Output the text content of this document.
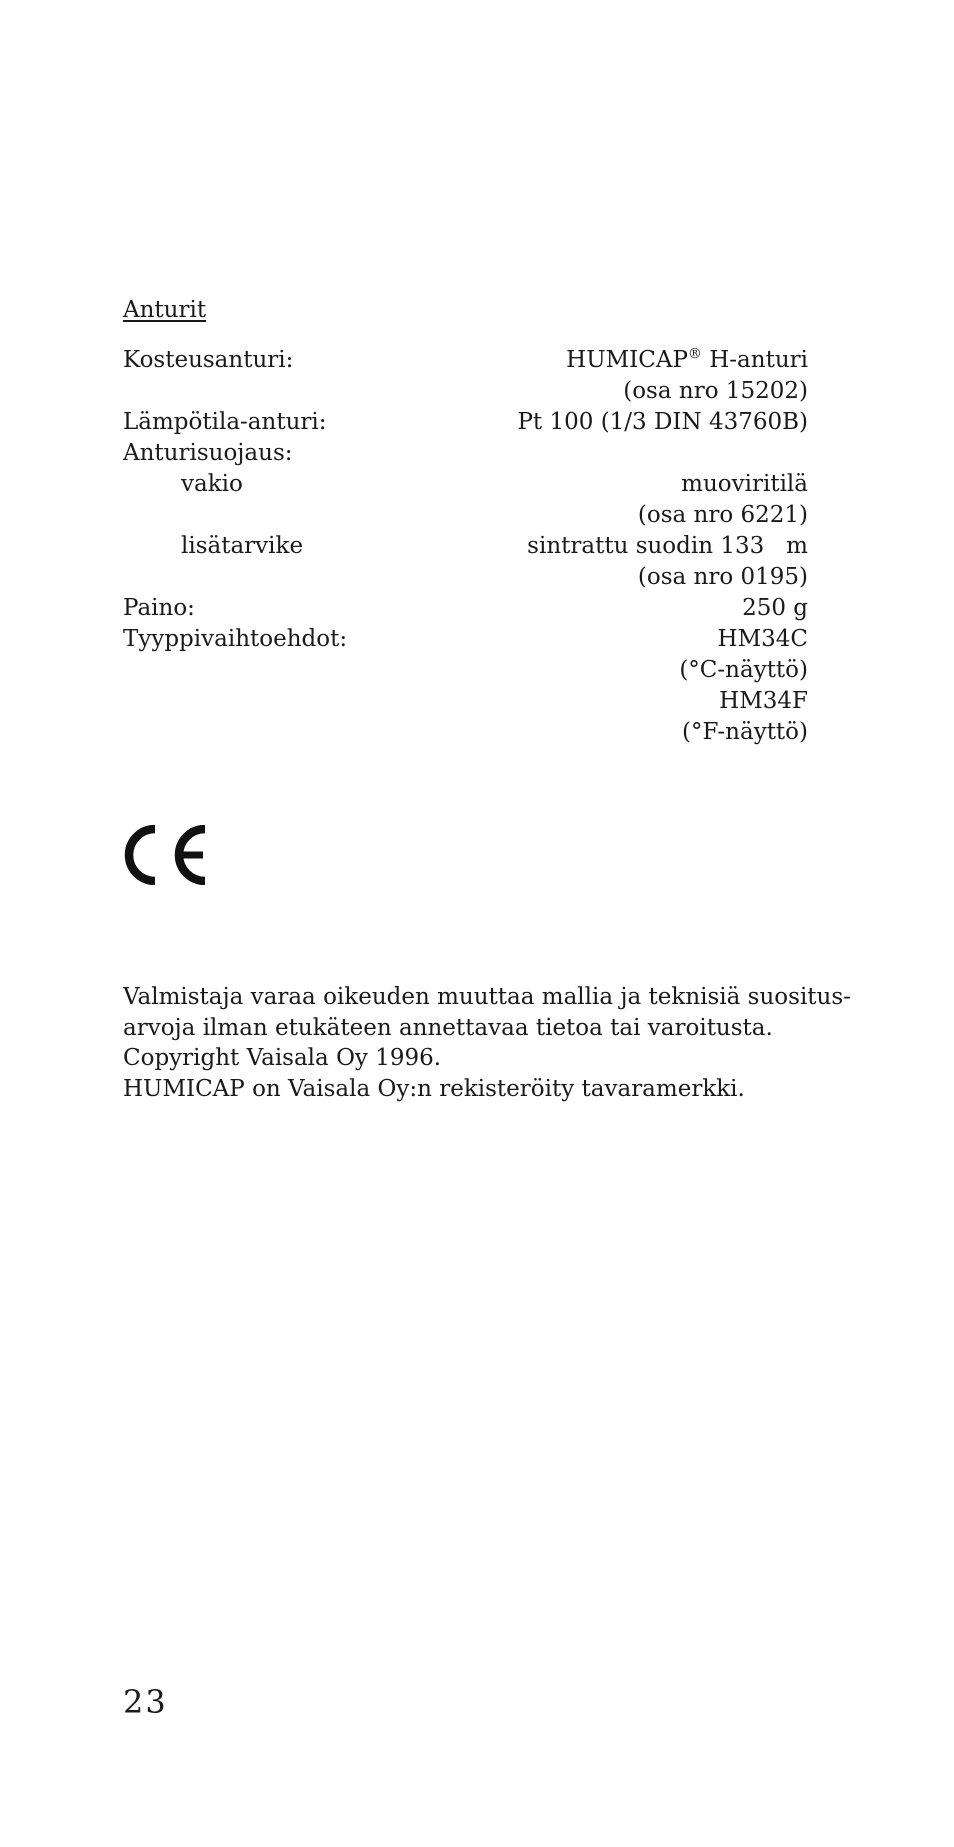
Anturit
Kosteusanturi:	HUMICAP® H-anturi
(osa nro 15202)
Lämpötila-anturi:	Pt 100 (1/3 DIN 43760B)
Anturisuojaus:
vakio	muoviritilä
(osa nro 6221)
lisätarvike	sintrattu suodin 133   m
(osa nro 0195)
Paino:	250 g
Tyyppivaihtoehdot:	HM34C
(°C-näyttö)
HM34F
(°F-näyttö)
Valmistaja varaa oikeuden muuttaa mallia ja teknisiä suositus-
arvoja ilman etukäteen annettavaa tietoa tai varoitusta.
Copyright Vaisala Oy 1996.
HUMICAP on Vaisala Oy:n rekisteröity tavaramerkki.
23
